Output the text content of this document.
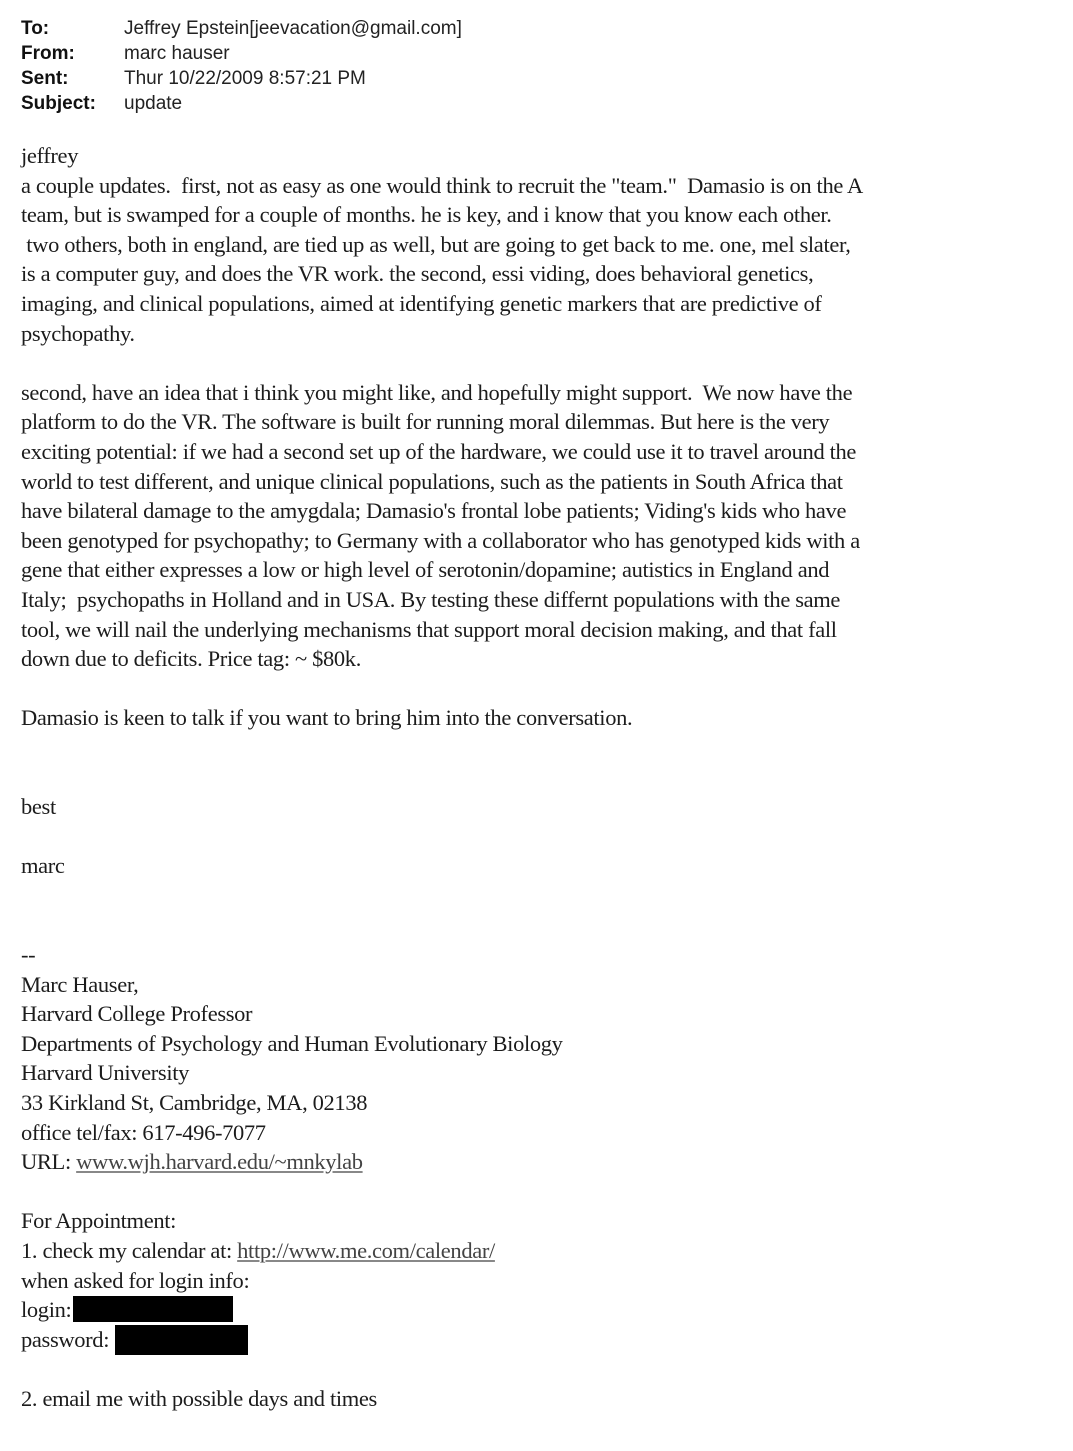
To:	Jeffrey Epstein[jeevacation@gmail.com]
From:	marc hauser
Sent:	Thur 10/22/2009 8:57:21 PM
Subject:	update
jeffrey
a couple updates.  first, not as easy as one would think to recruit the "team."  Damasio is on the A
team, but is swamped for a couple of months. he is key, and i know that you know each other.
two others, both in england, are tied up as well, but are going to get back to me. one, mel slater,
is a computer guy, and does the VR work. the second, essi viding, does behavioral genetics,
imaging, and clinical populations, aimed at identifying genetic markers that are predictive of
psychopathy.
second, have an idea that i think you might like, and hopefully might support.  We now have the
platform to do the VR. The software is built for running moral dilemmas. But here is the very
exciting potential: if we had a second set up of the hardware, we could use it to travel around the
world to test different, and unique clinical populations, such as the patients in South Africa that
have bilateral damage to the amygdala; Damasio's frontal lobe patients; Viding's kids who have
been genotyped for psychopathy; to Germany with a collaborator who has genotyped kids with a
gene that either expresses a low or high level of serotonin/dopamine; autistics in England and
Italy;  psychopaths in Holland and in USA. By testing these differnt populations with the same
tool, we will nail the underlying mechanisms that support moral decision making, and that fall
down due to deficits. Price tag: ~ $80k.
Damasio is keen to talk if you want to bring him into the conversation.
best
marc
--
Marc Hauser,
Harvard College Professor
Departments of Psychology and Human Evolutionary Biology
Harvard University
33 Kirkland St, Cambridge, MA, 02138
office tel/fax: 617-496-7077
URL: www.wjh.harvard.edu/~mnkylab
For Appointment:
1. check my calendar at: http://www.me.com/calendar/
when asked for login info:
login:
password:
2. email me with possible days and times
